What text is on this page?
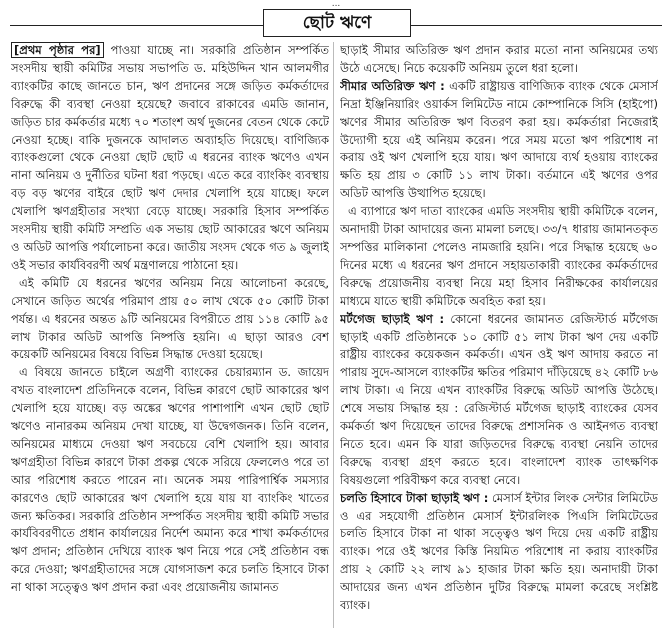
...
ছোট ঋণে

[প্রথম পৃষ্ঠার পর] পাওয়া যাচ্ছে না। সরকারি প্রতিষ্ঠান সম্পর্কিত সংসদীয় স্থায়ী কমিটির সভায় সভাপতি ড. মহিউদ্দিন খান আলমগীর ব্যাংকটির কাছে জানতে চান, ঋণ প্রদানের সঙ্গে জড়িত কর্মকর্তাদের বিরুদ্ধে কী ব্যবস্থা নেওয়া হয়েছে? জবাবে রাকাবের এমডি জানান, জড়িত চার কর্মকর্তার মধ্যে ৭০ শতাংশ অর্থ দুজনের বেতন থেকে কেটে নেওয়া হচ্ছে। বাকি দুজনকে আদালত অব্যাহতি দিয়েছে। বাণিজ্যিক ব্যাংকগুলো থেকে নেওয়া ছোট ছোট এ ধরনের ব্যাংক ঋণেও এখন নানা অনিয়ম ও দুর্নীতির ঘটনা ধরা পড়ছে। এতে করে ব্যাংকিং ব্যবস্থায় বড় বড় ঋণের বাইরে ছোট ঋণ দেদার খেলাপি হয়ে যাচ্ছে। ফলে খেলাপি ঋণগ্রহীতার সংখ্যা বেড়ে যাচ্ছে। সরকারি হিসাব সম্পর্কিত সংসদীয় স্থায়ী কমিটি সম্প্রতি এক সভায় ছোট আকারের ঋণে অনিয়ম ও অডিট আপত্তি পর্যালোচনা করে। জাতীয় সংসদ থেকে গত ৯ জুলাই ওই সভার কার্যবিবরণী অর্থ মন্ত্রণালয়ে পাঠানো হয়।

এই কমিটি যে ধরনের ঋণের অনিয়ম নিয়ে আলোচনা করেছে, সেখানে জড়িত অর্থের পরিমাণ প্রায় ৫০ লাখ থেকে ৫০ কোটি টাকা পর্যন্ত। এ ধরনের অন্তত ৯টি অনিয়মের বিপরীতে প্রায় ১১৪ কোটি ৯৫ লাখ টাকার অডিট আপত্তি নিষ্পত্তি হয়নি। এ ছাড়া আরও বেশ কয়েকটি অনিয়মের বিষয়ে বিভিন্ন সিদ্ধান্ত দেওয়া হয়েছে।

এ বিষয়ে জানতে চাইলে অগ্রণী ব্যাংকের চেয়ারম্যান ড. জায়েদ বখত বাংলাদেশ প্রতিদিনকে বলেন, বিভিন্ন কারণে ছোট আকারের ঋণ খেলাপি হয়ে যাচ্ছে। বড় অঙ্কের ঋণের পাশাপাশি এখন ছোট ছোট ঋণেও নানারকম অনিয়ম দেখা যাচ্ছে, যা উদ্বেগজনক। তিনি বলেন, অনিয়মের মাধ্যমে দেওয়া ঋণ সবচেয়ে বেশি খেলাপি হয়। আবার ঋণগ্রহীতা বিভিন্ন কারণে টাকা প্রকল্প থেকে সরিয়ে ফেললেও পরে তা আর পরিশোধ করতে পারেন না। অনেক সময় পারিপার্শ্বিক সমস্যার কারণেও ছোট আকারের ঋণ খেলাপি হয়ে যায় যা ব্যাংকিং খাতের জন্য ক্ষতিকর। সরকারি প্রতিষ্ঠান সম্পর্কিত সংসদীয় স্থায়ী কমিটি সভার কার্যবিবরণীতে প্রধান কার্যালয়ের নির্দেশ অমান্য করে শাখা কর্মকর্তাদের ঋণ প্রদান; প্রতিষ্ঠান দেখিয়ে ব্যাংক ঋণ নিয়ে পরে সেই প্রতিষ্ঠান বন্ধ করে দেওয়া; ঋণগ্রহীতাদের সঙ্গে যোগসাজশ করে চলতি হিসাবে টাকা না থাকা সত্ত্বেও ঋণ প্রদান করা এবং প্রয়োজনীয় জামানত

ছাড়াই সীমার অতিরিক্ত ঋণ প্রদান করার মতো নানা অনিয়মের তথ্য উঠে এসেছে। নিচে কয়েকটি অনিয়ম তুলে ধরা হলো।

সীমার অতিরিক্ত ঋণ : একটি রাষ্ট্রায়ত্ত বাণিজ্যিক ব্যাংক থেকে মেসার্স নিদ্রা ইঞ্জিনিয়ারিং ওয়ার্কস লিমিটেড নামে কোম্পানিকে সিসি (হাইপো) ঋণের সীমার অতিরিক্ত ঋণ বিতরণ করা হয়। কর্মকর্তারা নিজেরাই উদ্যোগী হয়ে এই অনিয়ম করেন। পরে সময় মতো ঋণ পরিশোধ না করায় ওই ঋণ খেলাপি হয়ে যায়। ঋণ আদায়ে ব্যর্থ হওয়ায় ব্যাংকের ক্ষতি হয় প্রায় ৩ কোটি ১১ লাখ টাকা। বর্তমানে এই ঋণের ওপর অডিট আপত্তি উত্থাপিত হয়েছে।

এ ব্যাপারে ঋণ দাতা ব্যাংকের এমডি সংসদীয় স্থায়ী কমিটিকে বলেন, অনাদায়ী টাকা আদায়ের জন্য মামলা চলছে। ৩৩/৭ ধারায় জামানতকৃত সম্পত্তির মালিকানা পেলেও নামজারি হয়নি। পরে সিদ্ধান্ত হয়েছে ৬০ দিনের মধ্যে এ ধরনের ঋণ প্রদানে সহায়তাকারী ব্যাংকের কর্মকর্তাদের বিরুদ্ধে প্রয়োজনীয় ব্যবস্থা নিয়ে মহা হিসাব নিরীক্ষকের কার্যালয়ের মাধ্যমে যাতে স্থায়ী কমিটিকে অবহিত করা হয়।

মর্টগেজ ছাড়াই ঋণ : কোনো ধরনের জামানত রেজিস্টার্ড মর্টগেজ ছাড়াই একটি প্রতিষ্ঠানকে ১০ কোটি ৫১ লাখ টাকা ঋণ দেয় একটি রাষ্ট্রীয় ব্যাংকের কয়েকজন কর্মকর্তা। এখন ওই ঋণ আদায় করতে না পারায় সুদে-আসলে ব্যাংকটির ক্ষতির পরিমাণ দাঁড়িয়েছে ৪২ কোটি ৮৬ লাখ টাকা। এ নিয়ে এখন ব্যাংকটির বিরুদ্ধে অডিট আপত্তি উঠেছে। শেষে সভায় সিদ্ধান্ত হয় : রেজিস্টার্ড মর্টগেজ ছাড়াই ব্যাংকের যেসব কর্মকর্তা ঋণ দিয়েছেন তাদের বিরুদ্ধে প্রশাসনিক ও আইনগত ব্যবস্থা নিতে হবে। এমন কি যারা জড়িতদের বিরুদ্ধে ব্যবস্থা নেয়নি তাদের বিরুদ্ধে ব্যবস্থা গ্রহণ করতে হবে। বাংলাদেশ ব্যাংক তাৎক্ষণিক বিষয়গুলো পরিবীক্ষণ করে ব্যবস্থা নেবে।

চলতি হিসাবে টাকা ছাড়াই ঋণ : মেসার্স ইন্টার লিংক সেন্টার লিমিটেড ও এর সহযোগী প্রতিষ্ঠান মেসার্স ইন্টারলিংক পিএসি লিমিটেডের চলতি হিসাবে টাকা না থাকা সত্ত্বেও ঋণ দিয়ে দেয় একটি রাষ্ট্রীয় ব্যাংক। পরে ওই ঋণের কিস্তি নিয়মিত পরিশোধ না করায় ব্যাংকটির প্রায় ২ কোটি ২২ লাখ ৯১ হাজার টাকা ক্ষতি হয়। অনাদায়ী টাকা আদায়ের জন্য এখন প্রতিষ্ঠান দুটির বিরুদ্ধে মামলা করেছে সংশ্লিষ্ট ব্যাংক।
